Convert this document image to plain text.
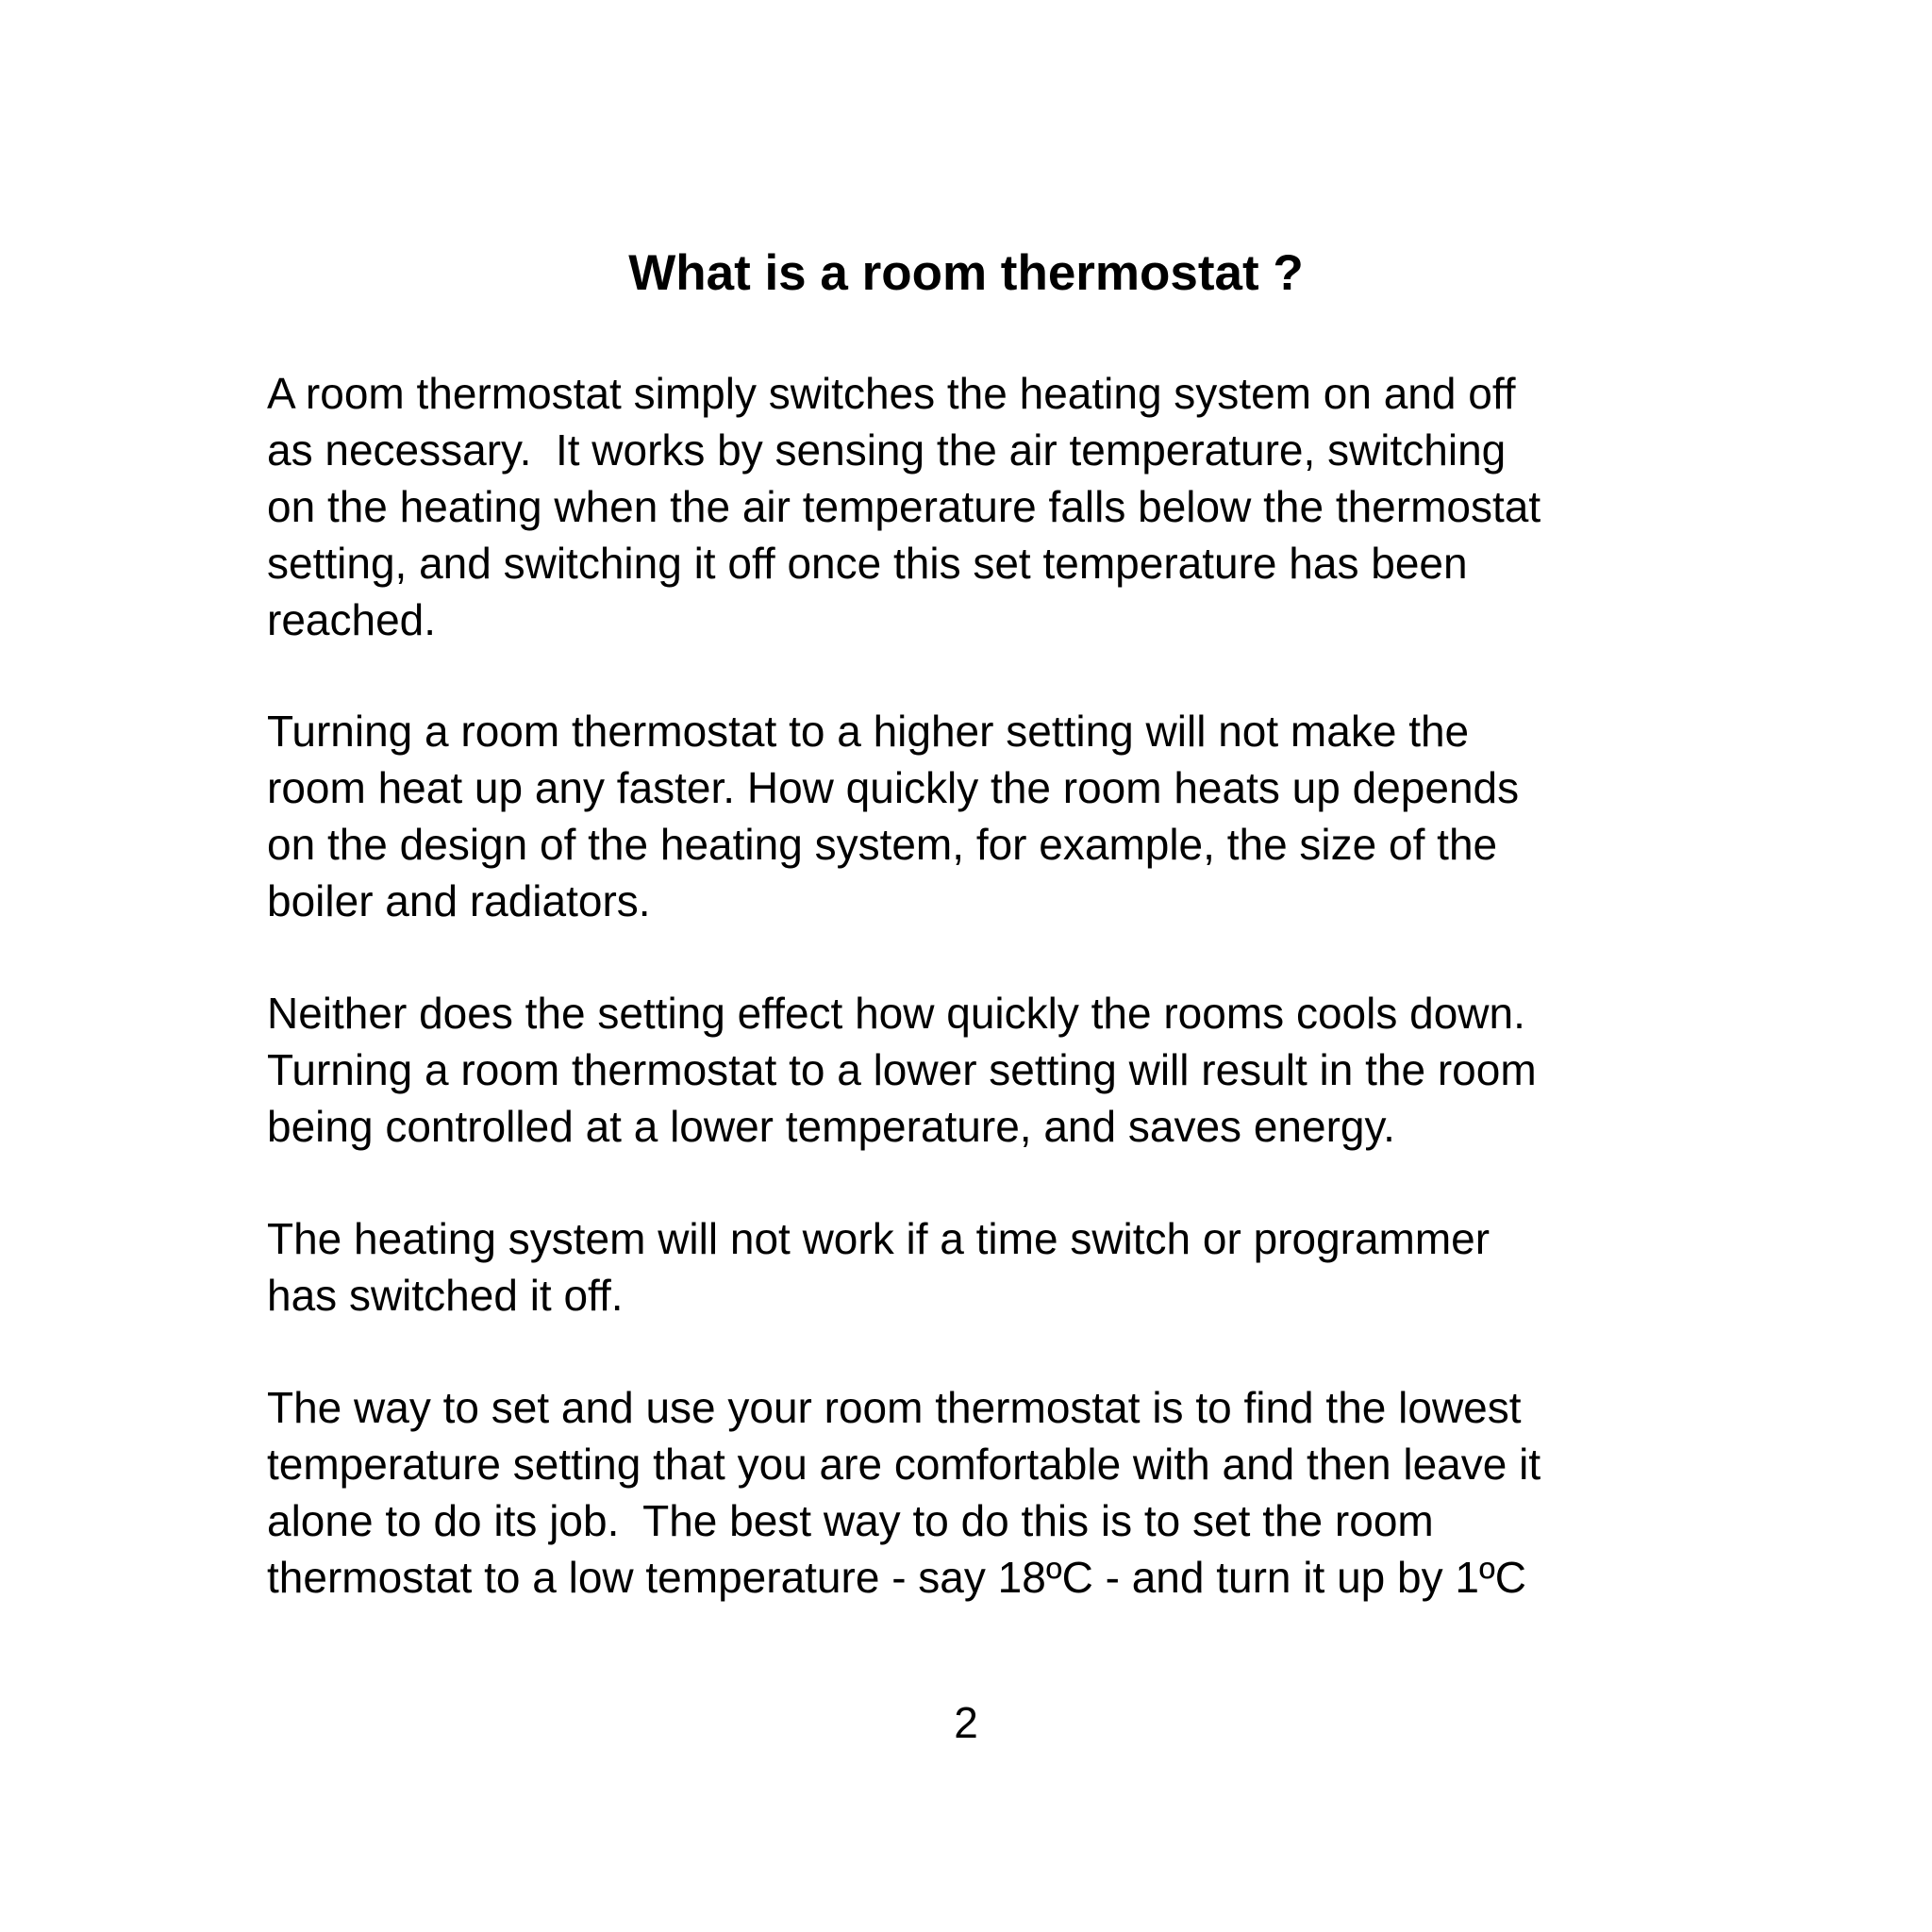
What is a room thermostat ?

A room thermostat simply switches the heating system on and off
as necessary.  It works by sensing the air temperature, switching
on the heating when the air temperature falls below the thermostat
setting, and switching it off once this set temperature has been
reached.

Turning a room thermostat to a higher setting will not make the
room heat up any faster. How quickly the room heats up depends
on the design of the heating system, for example, the size of the
boiler and radiators.

Neither does the setting effect how quickly the rooms cools down.
Turning a room thermostat to a lower setting will result in the room
being controlled at a lower temperature, and saves energy.

The heating system will not work if a time switch or programmer
has switched it off.

The way to set and use your room thermostat is to find the lowest
temperature setting that you are comfortable with and then leave it
alone to do its job.  The best way to do this is to set the room
thermostat to a low temperature - say 18ºC - and turn it up by 1ºC

2
